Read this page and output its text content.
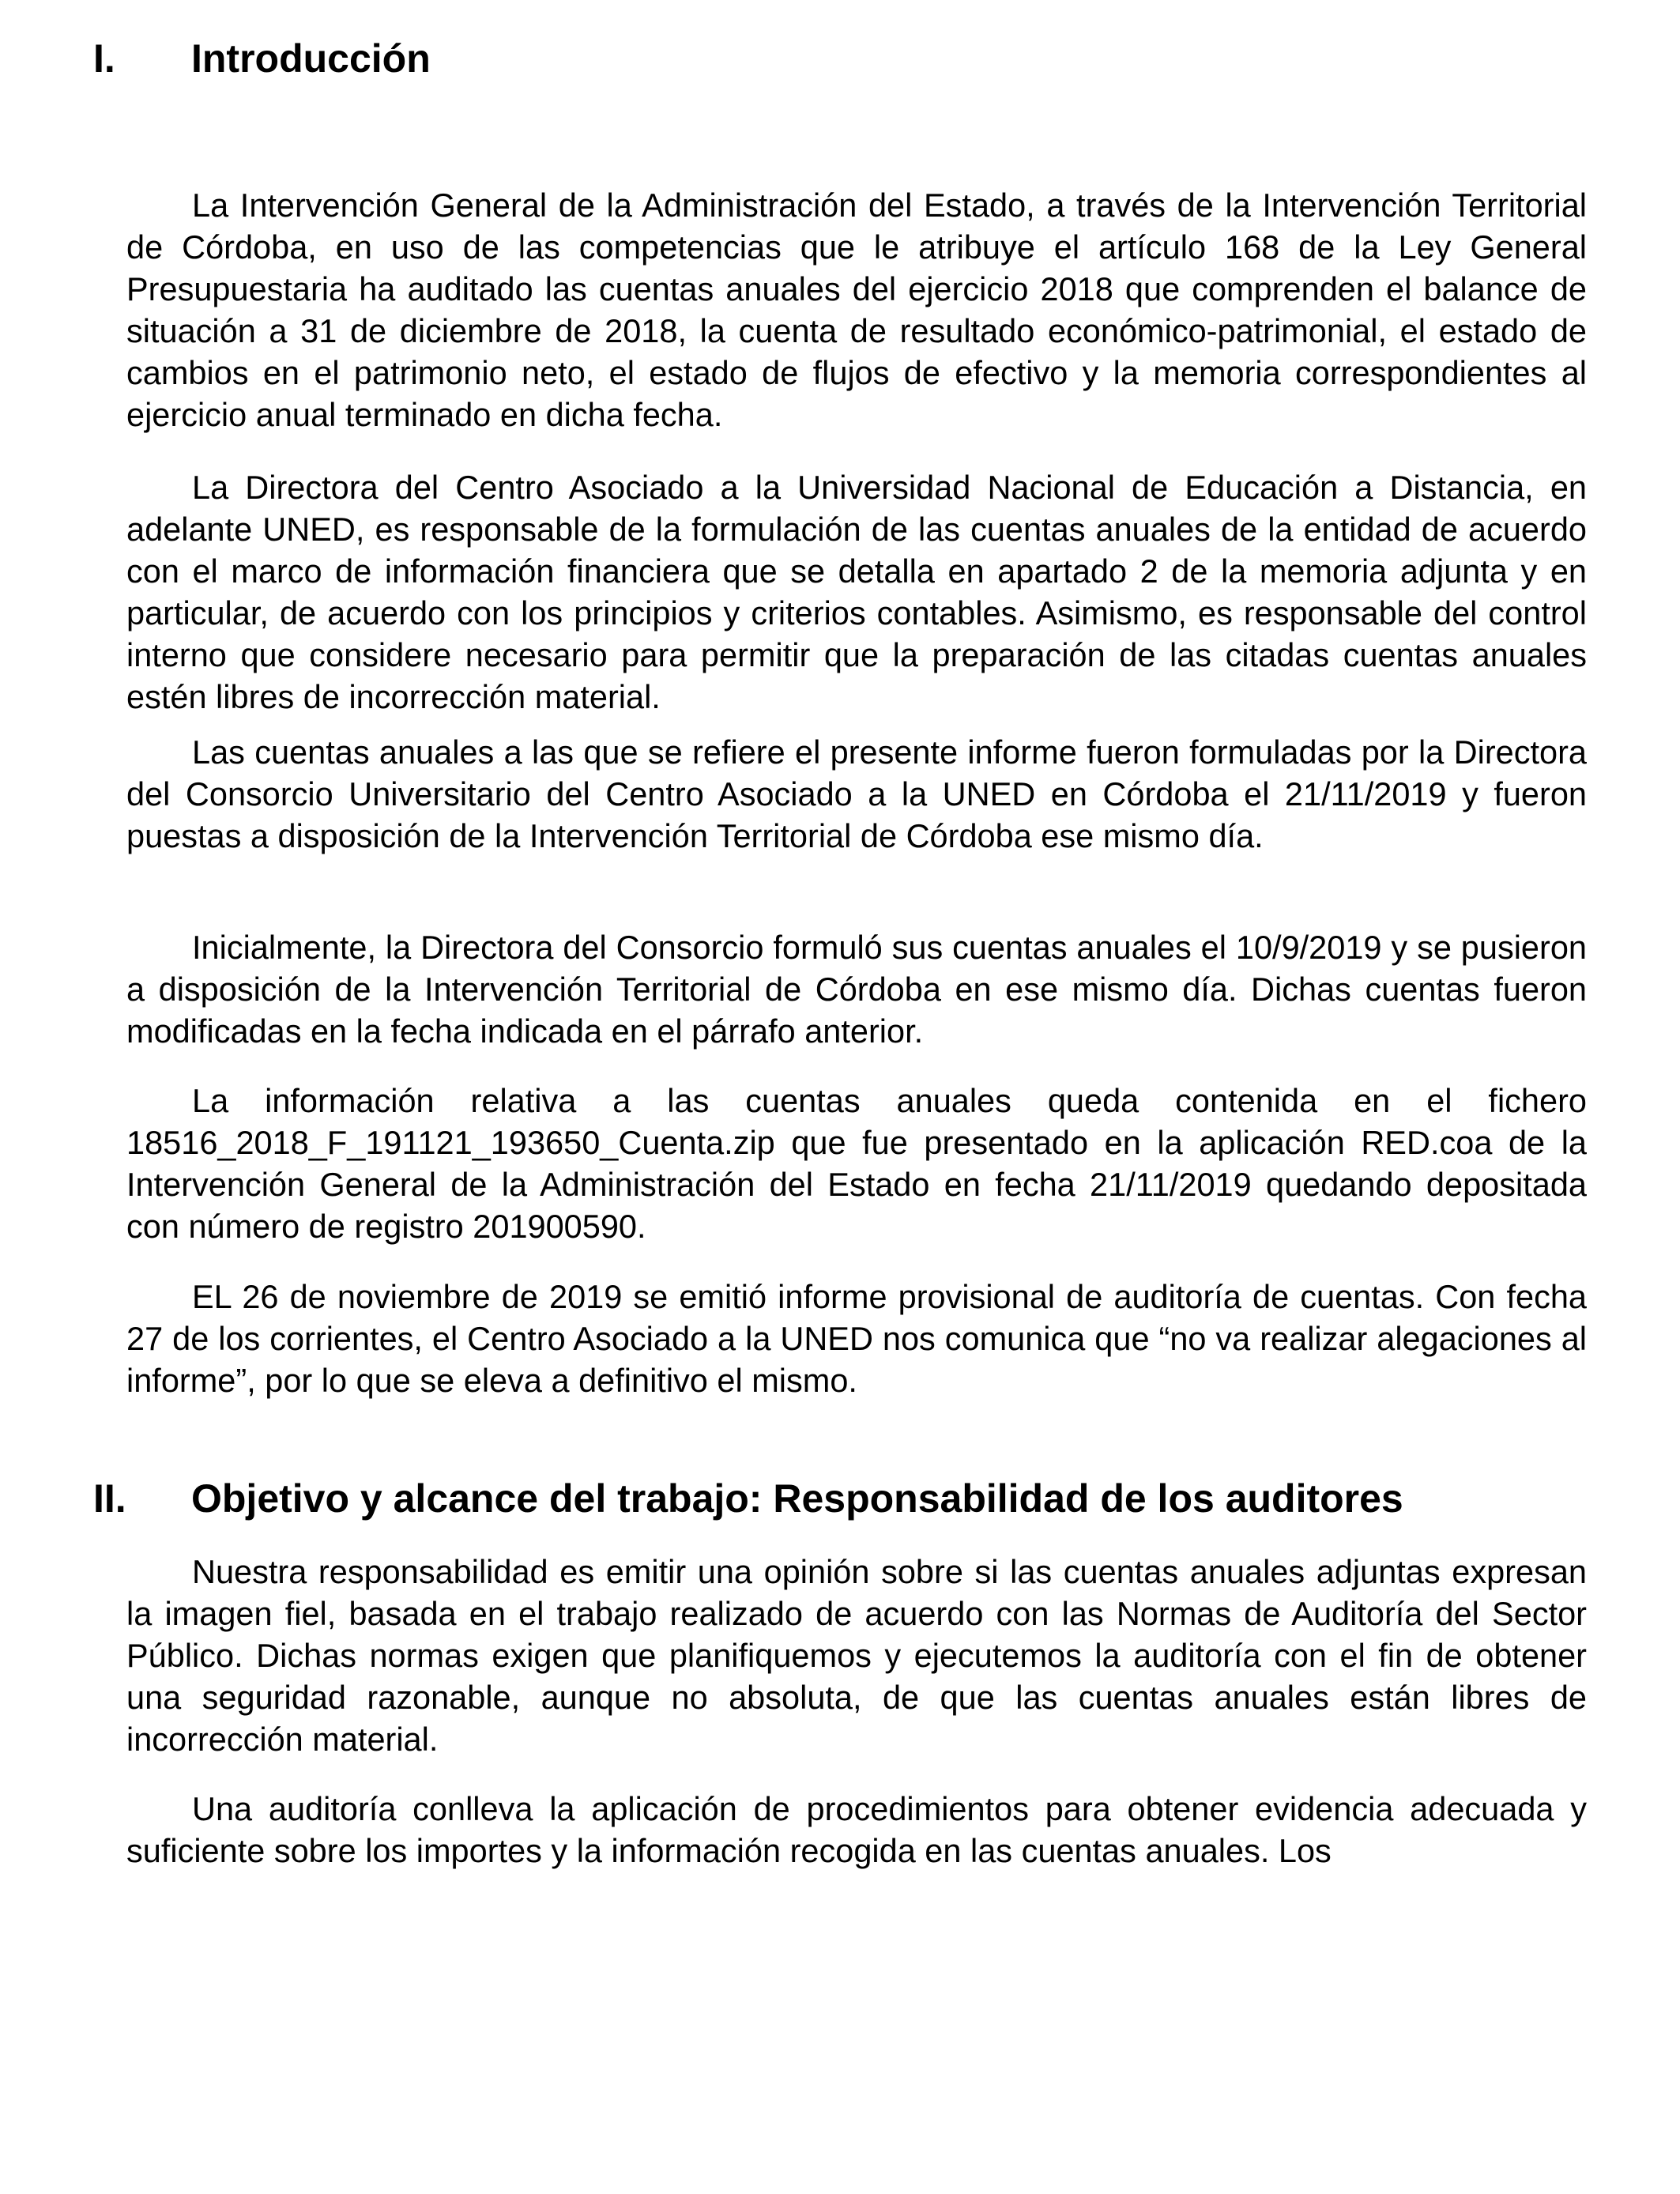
I. Introducción

La Intervención General de la Administración del Estado, a través de la Intervención Territorial de Córdoba, en uso de las competencias que le atribuye el artículo 168 de la Ley General Presupuestaria ha auditado las cuentas anuales del ejercicio 2018 que comprenden el balance de situación a 31 de diciembre de 2018, la cuenta de resultado económico-patrimonial, el estado de cambios en el patrimonio neto, el estado de flujos de efectivo y la memoria correspondientes al ejercicio anual terminado en dicha fecha.

La Directora del Centro Asociado a la Universidad Nacional de Educación a Distancia, en adelante UNED, es responsable de la formulación de las cuentas anuales de la entidad de acuerdo con el marco de información financiera que se detalla en apartado 2 de la memoria adjunta y en particular, de acuerdo con los principios y criterios contables. Asimismo, es responsable del control interno que considere necesario para permitir que la preparación de las citadas cuentas anuales estén libres de incorrección material.

Las cuentas anuales a las que se refiere el presente informe fueron formuladas por la Directora del Consorcio Universitario del Centro Asociado a la UNED en Córdoba el 21/11/2019 y fueron puestas a disposición de la Intervención Territorial de Córdoba ese mismo día.

Inicialmente, la Directora del Consorcio formuló sus cuentas anuales el 10/9/2019 y se pusieron a disposición de la Intervención Territorial de Córdoba en ese mismo día. Dichas cuentas fueron modificadas en la fecha indicada en el párrafo anterior.

La información relativa a las cuentas anuales queda contenida en el fichero 18516_2018_F_191121_193650_Cuenta.zip que fue presentado en la aplicación RED.coa de la Intervención General de la Administración del Estado en fecha 21/11/2019 quedando depositada con número de registro 201900590.

EL 26 de noviembre de 2019 se emitió informe provisional de auditoría de cuentas. Con fecha 27 de los corrientes, el Centro Asociado a la UNED nos comunica que “no va realizar alegaciones al informe”, por lo que se eleva a definitivo el mismo.

II. Objetivo y alcance del trabajo: Responsabilidad de los auditores

Nuestra responsabilidad es emitir una opinión sobre si las cuentas anuales adjuntas expresan la imagen fiel, basada en el trabajo realizado de acuerdo con las Normas de Auditoría del Sector Público. Dichas normas exigen que planifiquemos y ejecutemos la auditoría con el fin de obtener una seguridad razonable, aunque no absoluta, de que las cuentas anuales están libres de incorrección material.

Una auditoría conlleva la aplicación de procedimientos para obtener evidencia adecuada y suficiente sobre los importes y la información recogida en las cuentas anuales. Los
